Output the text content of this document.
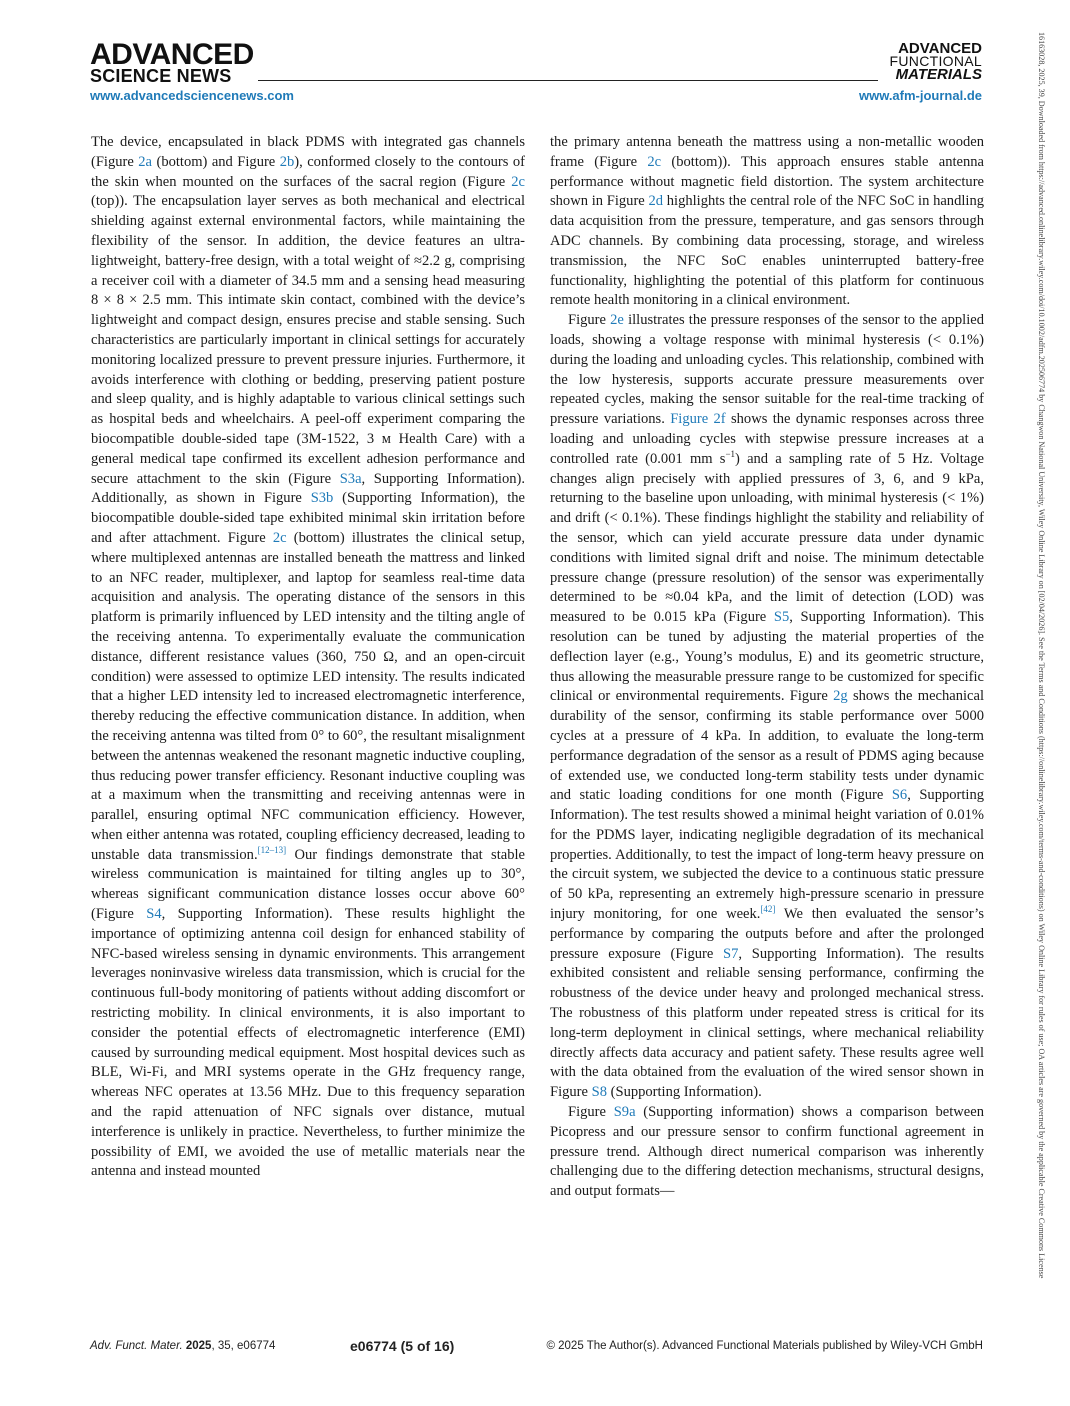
ADVANCED
SCIENCE NEWS
www.advancedsciencenews.com
ADVANCED
FUNCTIONAL
MATERIALS
www.afm-journal.de

The device, encapsulated in black PDMS with integrated gas channels (Figure 2a (bottom) and Figure 2b), conformed closely to the contours of the skin when mounted on the surfaces of the sacral region (Figure 2c (top)). The encapsulation layer serves as both mechanical and electrical shielding against external environmental factors, while maintaining the flexibility of the sensor. In addition, the device features an ultra-lightweight, battery-free design, with a total weight of ≈2.2 g, comprising a receiver coil with a diameter of 34.5 mm and a sensing head measuring 8 × 8 × 2.5 mm. This intimate skin contact, combined with the device’s lightweight and compact design, ensures precise and stable sensing. Such characteristics are particularly important in clinical settings for accurately monitoring localized pressure to prevent pressure injuries. Furthermore, it avoids interference with clothing or bedding, preserving patient posture and sleep quality, and is highly adaptable to various clinical settings such as hospital beds and wheelchairs. A peel-off experiment comparing the biocompatible double-sided tape (3M-1522, 3 ᴍ Health Care) with a general medical tape confirmed its excellent adhesion performance and secure attachment to the skin (Figure S3a, Supporting Information). Additionally, as shown in Figure S3b (Supporting Information), the biocompatible double-sided tape exhibited minimal skin irritation before and after attachment. Figure 2c (bottom) illustrates the clinical setup, where multiplexed antennas are installed beneath the mattress and linked to an NFC reader, multiplexer, and laptop for seamless real-time data acquisition and analysis. The operating distance of the sensors in this platform is primarily influenced by LED intensity and the tilting angle of the receiving antenna. To experimentally evaluate the communication distance, different resistance values (360, 750 Ω, and an open-circuit condition) were assessed to optimize LED intensity. The results indicated that a higher LED intensity led to increased electromagnetic interference, thereby reducing the effective communication distance. In addition, when the receiving antenna was tilted from 0° to 60°, the resultant misalignment between the antennas weakened the resonant magnetic inductive coupling, thus reducing power transfer efficiency. Resonant inductive coupling was at a maximum when the transmitting and receiving antennas were in parallel, ensuring optimal NFC communication efficiency. However, when either antenna was rotated, coupling efficiency decreased, leading to unstable data transmission.[12–13] Our findings demonstrate that stable wireless communication is maintained for tilting angles up to 30°, whereas significant communication distance losses occur above 60° (Figure S4, Supporting Information). These results highlight the importance of optimizing antenna coil design for enhanced stability of NFC-based wireless sensing in dynamic environments. This arrangement leverages noninvasive wireless data transmission, which is crucial for the continuous full-body monitoring of patients without adding discomfort or restricting mobility. In clinical environments, it is also important to consider the potential effects of electromagnetic interference (EMI) caused by surrounding medical equipment. Most hospital devices such as BLE, Wi-Fi, and MRI systems operate in the GHz frequency range, whereas NFC operates at 13.56 MHz. Due to this frequency separation and the rapid attenuation of NFC signals over distance, mutual interference is unlikely in practice. Nevertheless, to further minimize the possibility of EMI, we avoided the use of metallic materials near the antenna and instead mounted

the primary antenna beneath the mattress using a non-metallic wooden frame (Figure 2c (bottom)). This approach ensures stable antenna performance without magnetic field distortion. The system architecture shown in Figure 2d highlights the central role of the NFC SoC in handling data acquisition from the pressure, temperature, and gas sensors through ADC channels. By combining data processing, storage, and wireless transmission, the NFC SoC enables uninterrupted battery-free functionality, highlighting the potential of this platform for continuous remote health monitoring in a clinical environment.

Figure 2e illustrates the pressure responses of the sensor to the applied loads, showing a voltage response with minimal hysteresis (< 0.1%) during the loading and unloading cycles. This relationship, combined with the low hysteresis, supports accurate pressure measurements over repeated cycles, making the sensor suitable for the real-time tracking of pressure variations. Figure 2f shows the dynamic responses across three loading and unloading cycles with stepwise pressure increases at a controlled rate (0.001 mm $s^{-1}$) and a sampling rate of 5 Hz. Voltage changes align precisely with applied pressures of 3, 6, and 9 kPa, returning to the baseline upon unloading, with minimal hysteresis (< 1%) and drift (< 0.1%). These findings highlight the stability and reliability of the sensor, which can yield accurate pressure data under dynamic conditions with limited signal drift and noise. The minimum detectable pressure change (pressure resolution) of the sensor was experimentally determined to be ≈0.04 kPa, and the limit of detection (LOD) was measured to be 0.015 kPa (Figure S5, Supporting Information). This resolution can be tuned by adjusting the material properties of the deflection layer (e.g., Young’s modulus, E) and its geometric structure, thus allowing the measurable pressure range to be customized for specific clinical or environmental requirements. Figure 2g shows the mechanical durability of the sensor, confirming its stable performance over 5000 cycles at a pressure of 4 kPa. In addition, to evaluate the long-term performance degradation of the sensor as a result of PDMS aging because of extended use, we conducted long-term stability tests under dynamic and static loading conditions for one month (Figure S6, Supporting Information). The test results showed a minimal height variation of 0.01% for the PDMS layer, indicating negligible degradation of its mechanical properties. Additionally, to test the impact of long-term heavy pressure on the circuit system, we subjected the device to a continuous static pressure of 50 kPa, representing an extremely high-pressure scenario in pressure injury monitoring, for one week.[42] We then evaluated the sensor’s performance by comparing the outputs before and after the prolonged pressure exposure (Figure S7, Supporting Information). The results exhibited consistent and reliable sensing performance, confirming the robustness of the device under heavy and prolonged mechanical stress. The robustness of this platform under repeated stress is critical for its long-term deployment in clinical settings, where mechanical reliability directly affects data accuracy and patient safety. These results agree well with the data obtained from the evaluation of the wired sensor shown in Figure S8 (Supporting Information).

Figure S9a (Supporting information) shows a comparison between Picopress and our pressure sensor to confirm functional agreement in pressure trend. Although direct numerical comparison was inherently challenging due to the differing detection mechanisms, structural designs, and output formats—

Adv. Funct. Mater. 2025, 35, e06774	e06774 (5 of 16)	© 2025 The Author(s). Advanced Functional Materials published by Wiley-VCH GmbH
16163028, 2025, 39, Downloaded from https://advanced.onlinelibrary.wiley.com/doi/10.1002/adfm.202506774 by Changwon National University, Wiley Online Library on [02/04/2026]. See the Terms and Conditions (https://onlinelibrary.wiley.com/terms-and-conditions) on Wiley Online Library for rules of use; OA articles are governed by the applicable Creative Commons License
